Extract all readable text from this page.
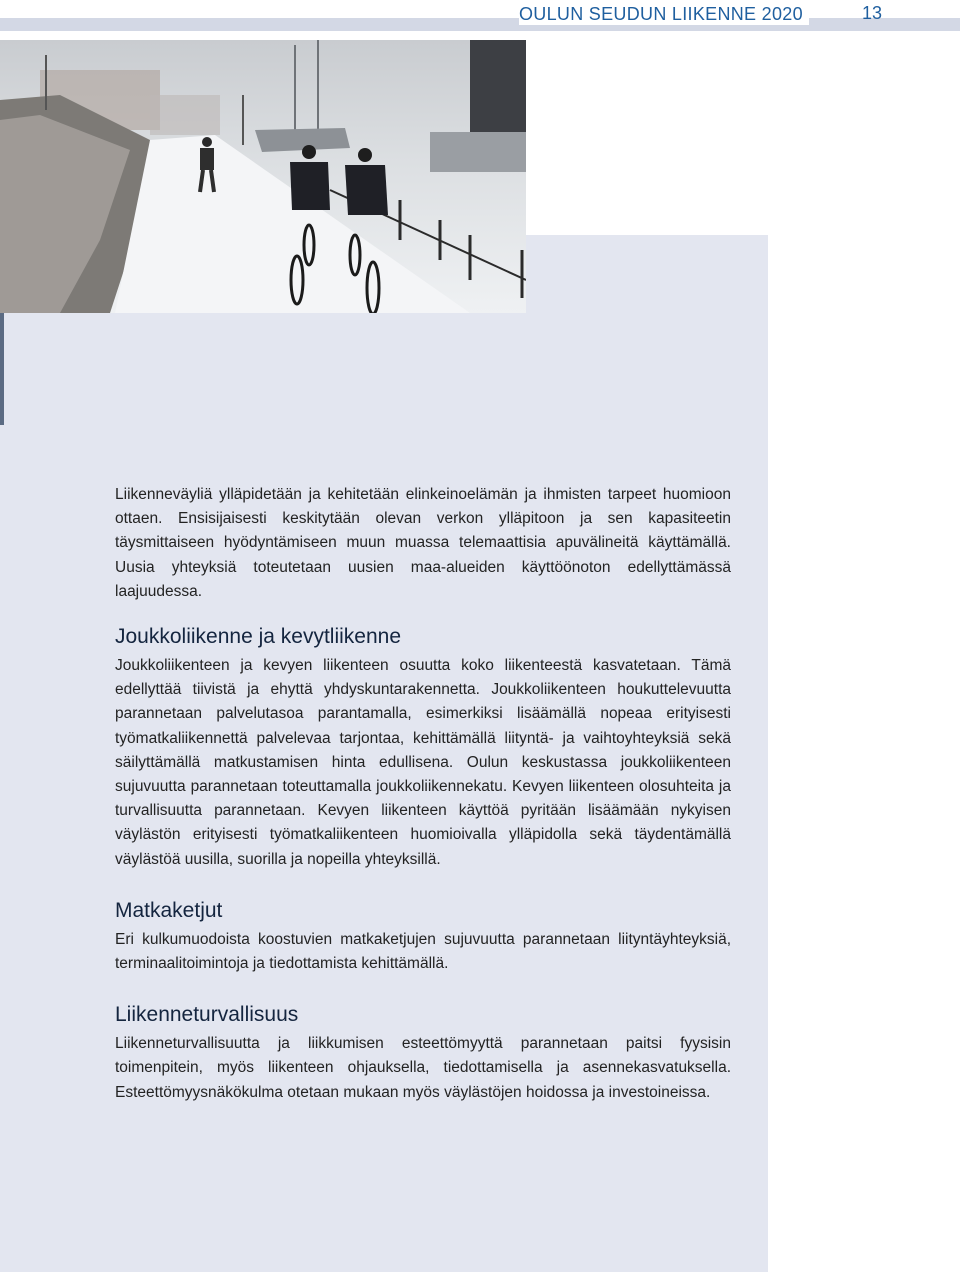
OULUN SEUDUN LIIKENNE 2020	13

Liikenneväyliä ylläpidetään ja kehitetään elinkeinoelämän ja ihmisten tarpeet huomioon ottaen. Ensisijaisesti keskitytään olevan verkon ylläpitoon ja sen kapasiteetin täysmittaiseen hyödyntämiseen muun muassa telemaattisia apuvälineitä käyttämällä. Uusia yhteyksiä toteutetaan uusien maa-alueiden käyttöönoton edellyttämässä laajuudessa.

Joukkoliikenne ja kevytliikenne

Joukkoliikenteen ja kevyen liikenteen osuutta koko liikenteestä kasvatetaan. Tämä edellyttää tiivistä ja ehyttä yhdyskuntarakennetta. Joukkoliikenteen houkuttelevuutta parannetaan palvelutasoa parantamalla, esimerkiksi lisäämällä nopeaa erityisesti työmatkaliikennettä palvelevaa tarjontaa, kehittämällä liityntä- ja vaihtoyhteyksiä sekä säilyttämällä matkustamisen hinta edullisena. Oulun keskustassa joukkoliikenteen sujuvuutta parannetaan toteuttamalla joukkoliikennekatu. Kevyen liikenteen olosuhteita ja turvallisuutta parannetaan. Kevyen liikenteen käyttöä pyritään lisäämään nykyisen väylästön erityisesti työmatkaliikenteen huomioivalla ylläpidolla sekä täydentämällä väylästöä uusilla, suorilla ja nopeilla yhteyksillä.

Matkaketjut

Eri kulkumuodoista koostuvien matkaketjujen sujuvuutta parannetaan liityntäyhteyksiä, terminaalitoimintoja ja tiedottamista kehittämällä.

Liikenneturvallisuus

Liikenneturvallisuutta ja liikkumisen esteettömyyttä parannetaan paitsi fyysisin toimenpitein, myös liikenteen ohjauksella, tiedottamisella ja asennekasvatuksella. Esteettömyysnäkökulma otetaan mukaan myös väylästöjen hoidossa ja investoineissa.
